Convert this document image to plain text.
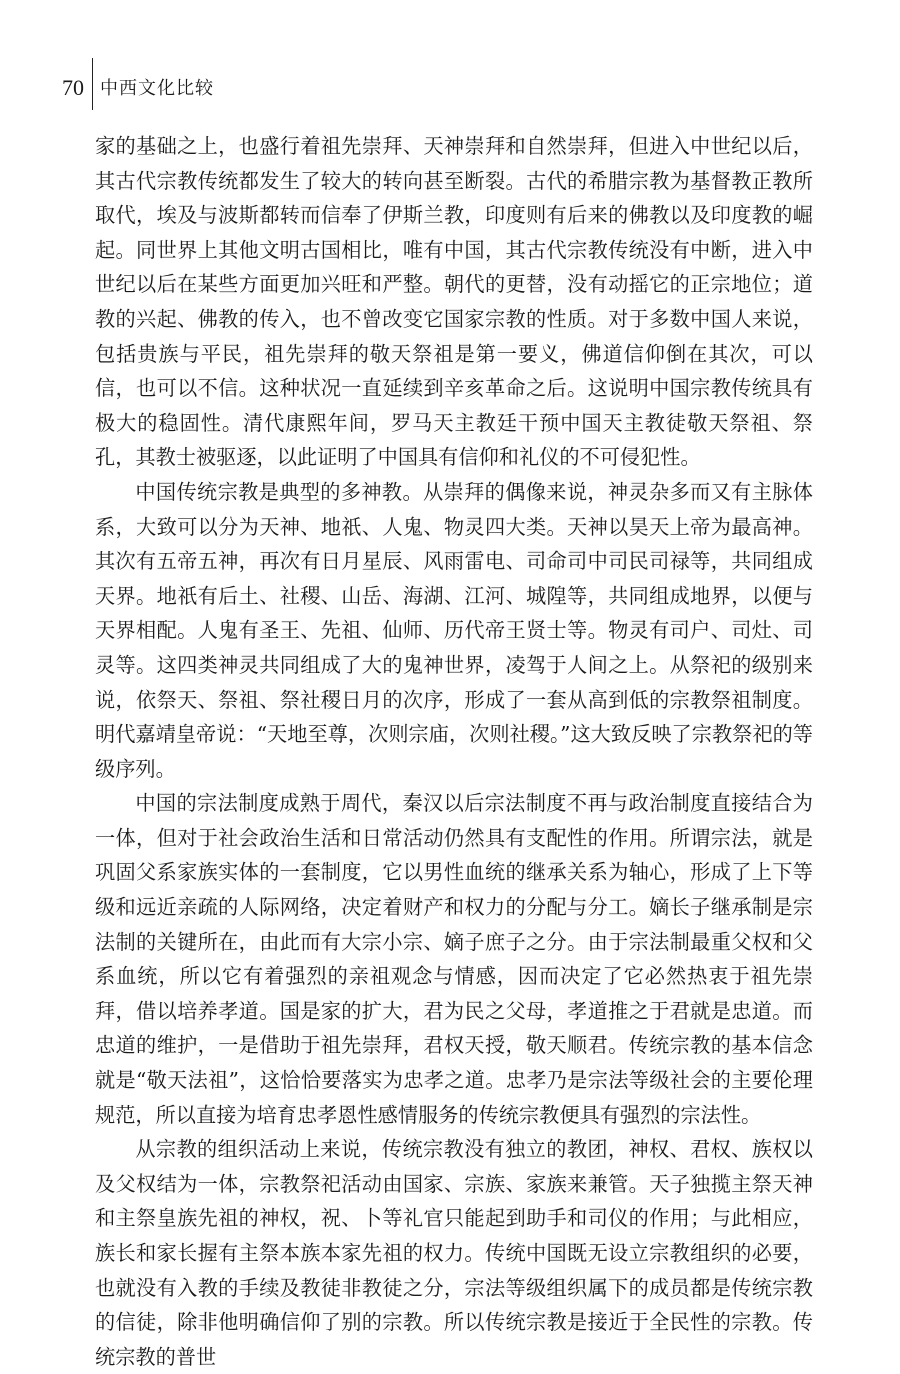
70 中西文化比较

家的基础之上，也盛行着祖先崇拜、天神崇拜和自然崇拜，但进入中世纪以后，其古代宗教传统都发生了较大的转向甚至断裂。古代的希腊宗教为基督教正教所取代，埃及与波斯都转而信奉了伊斯兰教，印度则有后来的佛教以及印度教的崛起。同世界上其他文明古国相比，唯有中国，其古代宗教传统没有中断，进入中世纪以后在某些方面更加兴旺和严整。朝代的更替，没有动摇它的正宗地位；道教的兴起、佛教的传入，也不曾改变它国家宗教的性质。对于多数中国人来说，包括贵族与平民，祖先崇拜的敬天祭祖是第一要义，佛道信仰倒在其次，可以信，也可以不信。这种状况一直延续到辛亥革命之后。这说明中国宗教传统具有极大的稳固性。清代康熙年间，罗马天主教廷干预中国天主教徒敬天祭祖、祭孔，其教士被驱逐，以此证明了中国具有信仰和礼仪的不可侵犯性。

中国传统宗教是典型的多神教。从崇拜的偶像来说，神灵杂多而又有主脉体系，大致可以分为天神、地祇、人鬼、物灵四大类。天神以昊天上帝为最高神。其次有五帝五神，再次有日月星辰、风雨雷电、司命司中司民司禄等，共同组成天界。地祇有后土、社稷、山岳、海湖、江河、城隍等，共同组成地界，以便与天界相配。人鬼有圣王、先祖、仙师、历代帝王贤士等。物灵有司户、司灶、司灵等。这四类神灵共同组成了大的鬼神世界，凌驾于人间之上。从祭祀的级别来说，依祭天、祭祖、祭社稷日月的次序，形成了一套从高到低的宗教祭祖制度。明代嘉靖皇帝说：“天地至尊，次则宗庙，次则社稷。”这大致反映了宗教祭祀的等级序列。

中国的宗法制度成熟于周代，秦汉以后宗法制度不再与政治制度直接结合为一体，但对于社会政治生活和日常活动仍然具有支配性的作用。所谓宗法，就是巩固父系家族实体的一套制度，它以男性血统的继承关系为轴心，形成了上下等级和远近亲疏的人际网络，决定着财产和权力的分配与分工。嫡长子继承制是宗法制的关键所在，由此而有大宗小宗、嫡子庶子之分。由于宗法制最重父权和父系血统，所以它有着强烈的亲祖观念与情感，因而决定了它必然热衷于祖先崇拜，借以培养孝道。国是家的扩大，君为民之父母，孝道推之于君就是忠道。而忠道的维护，一是借助于祖先崇拜，君权天授，敬天顺君。传统宗教的基本信念就是“敬天法祖”，这恰恰要落实为忠孝之道。忠孝乃是宗法等级社会的主要伦理规范，所以直接为培育忠孝恩性感情服务的传统宗教便具有强烈的宗法性。

从宗教的组织活动上来说，传统宗教没有独立的教团，神权、君权、族权以及父权结为一体，宗教祭祀活动由国家、宗族、家族来兼管。天子独揽主祭天神和主祭皇族先祖的神权，祝、卜等礼官只能起到助手和司仪的作用；与此相应，族长和家长握有主祭本族本家先祖的权力。传统中国既无设立宗教组织的必要，也就没有入教的手续及教徒非教徒之分，宗法等级组织属下的成员都是传统宗教的信徒，除非他明确信仰了别的宗教。所以传统宗教是接近于全民性的宗教。传统宗教的普世
